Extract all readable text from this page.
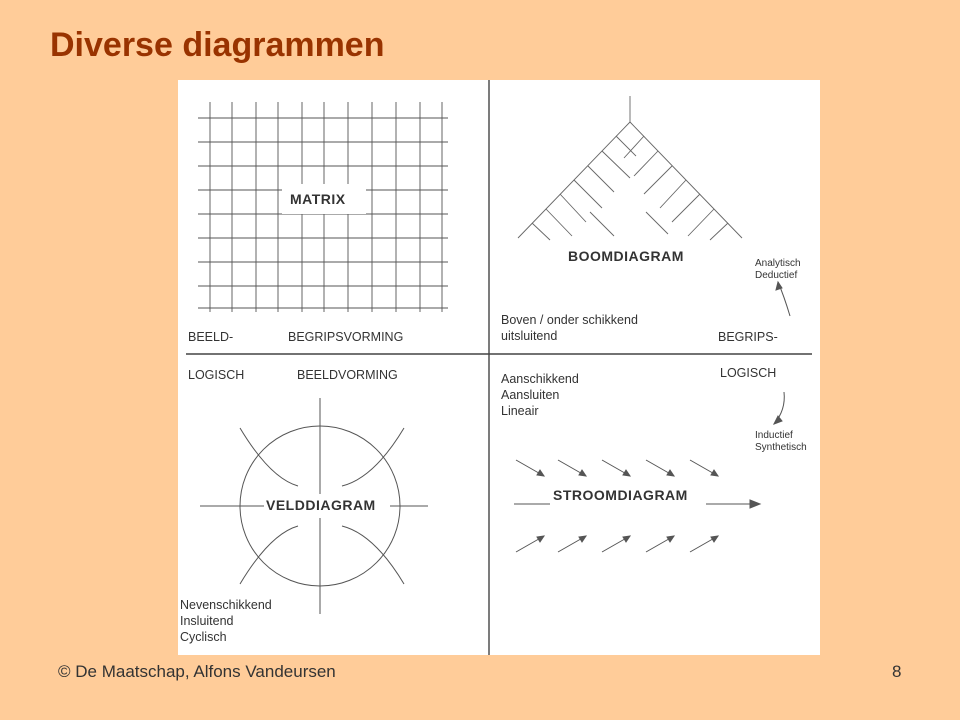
Diverse diagrammen
MATRIX
BOOMDIAGRAM
VELDDIAGRAM
STROOMDIAGRAM
BEELD-	BEGRIPSVORMING
LOGISCH	BEELDVORMING
BEGRIPS-
LOGISCH
Boven / onder schikkend
uitsluitend
Aanschikkend
Aansluiten
Lineair
Nevenschikkend
Insluitend
Cyclisch
Analytisch
Deductief
Inductief
Synthetisch
© De Maatschap, Alfons Vandeursen	8
